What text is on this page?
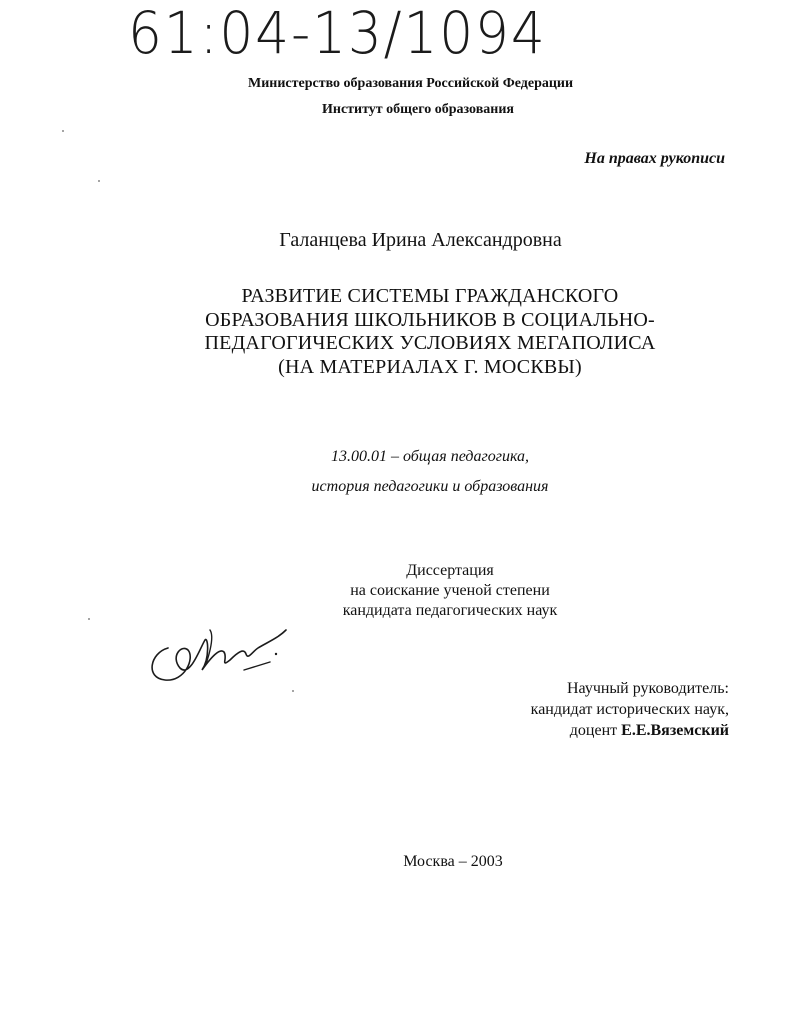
61:04-13/1094
Министерство образования Российской Федерации
Институт общего образования
На правах рукописи
Галанцева Ирина Александровна
РАЗВИТИЕ СИСТЕМЫ ГРАЖДАНСКОГО
ОБРАЗОВАНИЯ ШКОЛЬНИКОВ В СОЦИАЛЬНО-
ПЕДАГОГИЧЕСКИХ УСЛОВИЯХ МЕГАПОЛИСА
(НА МАТЕРИАЛАХ Г. МОСКВЫ)
13.00.01 – общая педагогика,
история педагогики и образования
Диссертация
на соискание ученой степени
кандидата педагогических наук
Научный руководитель:
кандидат исторических наук,
доцент Е.Е.Вяземский
Москва – 2003
